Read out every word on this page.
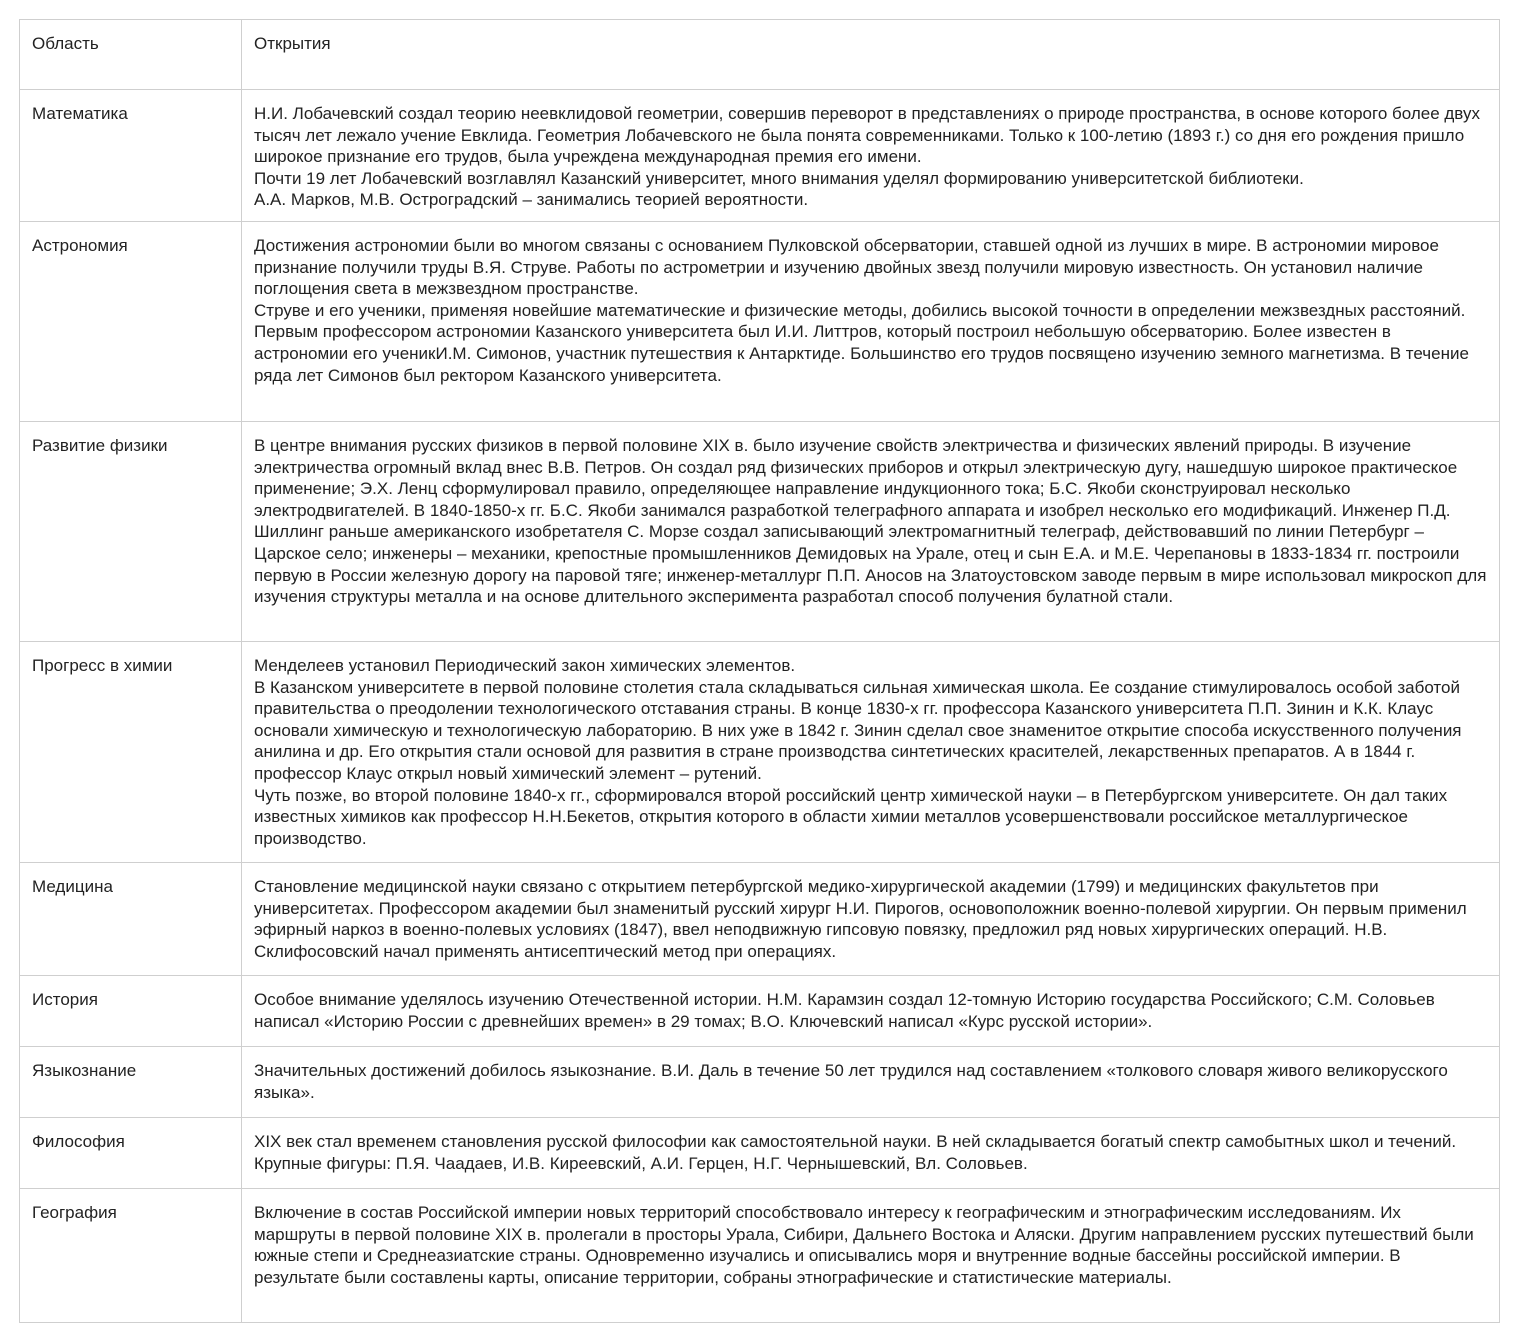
Область	Открытия
Математика	Н.И. Лобачевский создал теорию неевклидовой геометрии, совершив переворот в представлениях о природе пространства, в основе которого более двух тысяч лет лежало учение Евклида. Геометрия Лобачевского не была понята современниками. Только к 100-летию (1893 г.) со дня его рождения пришло широкое признание его трудов, была учреждена международная премия его имени.
Почти 19 лет Лобачевский возглавлял Казанский университет, много внимания уделял формированию университетской библиотеки.
А.А. Марков, М.В. Остроградский – занимались теорией вероятности.
Астрономия	Достижения астрономии были во многом связаны с основанием Пулковской обсерватории, ставшей одной из лучших в мире. В астрономии мировое признание получили труды В.Я. Струве. Работы по астрометрии и изучению двойных звезд получили мировую известность. Он установил наличие поглощения света в межзвездном пространстве.
Струве и его ученики, применяя новейшие математические и физические методы, добились высокой точности в определении межзвездных расстояний.
Первым профессором астрономии Казанского университета был И.И. Литтров, который построил небольшую обсерваторию. Более известен в астрономии его ученикИ.М. Симонов, участник путешествия к Антарктиде. Большинство его трудов посвящено изучению земного магнетизма. В течение ряда лет Симонов был ректором Казанского университета.
Развитие физики	В центре внимания русских физиков в первой половине XIX в. было изучение свойств электричества и физических явлений природы. В изучение электричества огромный вклад внес В.В. Петров. Он создал ряд физических приборов и открыл электрическую дугу, нашедшую широкое практическое применение; Э.Х. Ленц сформулировал правило, определяющее направление индукционного тока; Б.С. Якоби сконструировал несколько электродвигателей. В 1840-1850-х гг. Б.С. Якоби занимался разработкой телеграфного аппарата и изобрел несколько его модификаций. Инженер П.Д. Шиллинг раньше американского изобретателя С. Морзе создал записывающий электромагнитный телеграф, действовавший по линии Петербург – Царское село; инженеры – механики, крепостные промышленников Демидовых на Урале, отец и сын Е.А. и М.Е. Черепановы в 1833-1834 гг. построили первую в России железную дорогу на паровой тяге; инженер-металлург П.П. Аносов на Златоустовском заводе первым в мире использовал микроскоп для изучения структуры металла и на основе длительного эксперимента разработал способ получения булатной стали.
Прогресс в химии	Менделеев установил Периодический закон химических элементов.
В Казанском университете в первой половине столетия стала складываться сильная химическая школа. Ее создание стимулировалось особой заботой правительства о преодолении технологического отставания страны. В конце 1830-х гг. профессора Казанского университета П.П. Зинин и К.К. Клаус основали химическую и технологическую лабораторию. В них уже в 1842 г. Зинин сделал свое знаменитое открытие способа искусственного получения анилина и др. Его открытия стали основой для развития в стране производства синтетических красителей, лекарственных препаратов. А в 1844 г. профессор Клаус открыл новый химический элемент – рутений.
Чуть позже, во второй половине 1840-х гг., сформировался второй российский центр химической науки – в Петербургском университете. Он дал таких известных химиков как профессор Н.Н.Бекетов, открытия которого в области химии металлов усовершенствовали российское металлургическое производство.
Медицина	Становление медицинской науки связано с открытием петербургской медико-хирургической академии (1799) и медицинских факультетов при университетах. Профессором академии был знаменитый русский хирург Н.И. Пирогов, основоположник военно-полевой хирургии. Он первым применил эфирный наркоз в военно-полевых условиях (1847), ввел неподвижную гипсовую повязку, предложил ряд новых хирургических операций. Н.В. Склифосовский начал применять антисептический метод при операциях.
История	Особое внимание уделялось изучению Отечественной истории. Н.М. Карамзин создал 12-томную Историю государства Российского; С.М. Соловьев написал «Историю России с древнейших времен» в 29 томах; В.О. Ключевский написал «Курс русской истории».
Языкознание	Значительных достижений добилось языкознание. В.И. Даль в течение 50 лет трудился над составлением «толкового словаря живого великорусского языка».
Философия	XIX век стал временем становления русской философии как самостоятельной науки. В ней складывается богатый спектр самобытных школ и течений. Крупные фигуры: П.Я. Чаадаев, И.В. Киреевский, А.И. Герцен, Н.Г. Чернышевский, Вл. Соловьев.
География	Включение в состав Российской империи новых территорий способствовало интересу к географическим и этнографическим исследованиям. Их маршруты в первой половине XIX в. пролегали в просторы Урала, Сибири, Дальнего Востока и Аляски. Другим направлением русских путешествий были южные степи и Среднеазиатские страны. Одновременно изучались и описывались моря и внутренние водные бассейны российской империи. В результате были составлены карты, описание территории, собраны этнографические и статистические материалы.
